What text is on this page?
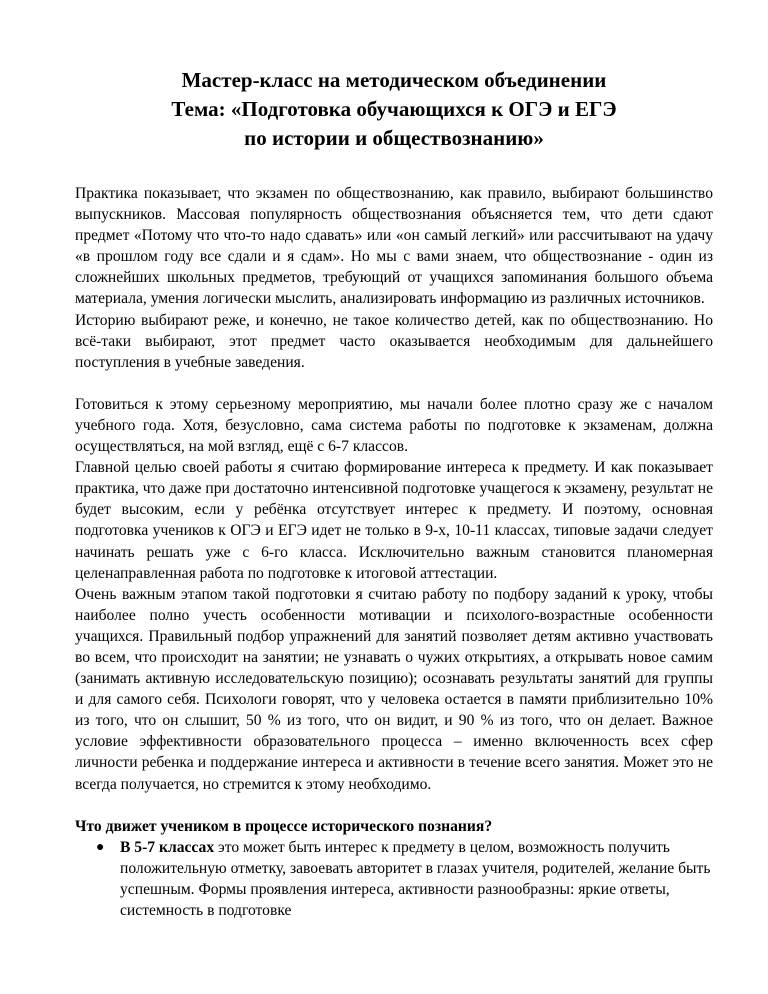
Мастер-класс на методическом объединении
Тема: «Подготовка обучающихся к ОГЭ и ЕГЭ
по истории и обществознанию»

Практика показывает, что экзамен по обществознанию, как правило, выбирают большинство выпускников. Массовая популярность обществознания объясняется тем, что дети сдают предмет «Потому что что-то надо сдавать» или «он самый легкий» или рассчитывают на удачу «в прошлом году все сдали и я сдам». Но мы с вами знаем, что обществознание - один из сложнейших школьных предметов, требующий от учащихся запоминания большого объема материала, умения логически мыслить, анализировать информацию из различных источников.

Историю выбирают реже, и конечно, не такое количество детей, как по обществознанию. Но всё-таки выбирают, этот предмет часто оказывается необходимым для дальнейшего поступления в учебные заведения.

Готовиться к этому серьезному мероприятию, мы начали более плотно сразу же с началом учебного года. Хотя, безусловно, сама система работы по подготовке к экзаменам, должна осуществляться, на мой взгляд, ещё с 6-7 классов.

Главной целью своей работы я считаю формирование интереса к предмету. И как показывает практика, что даже при достаточно интенсивной подготовке учащегося к экзамену, результат не будет высоким, если у ребёнка отсутствует интерес к предмету. И поэтому, основная подготовка учеников к ОГЭ и ЕГЭ идет не только в 9-х, 10-11 классах, типовые задачи следует начинать решать уже с 6-го класса. Исключительно важным становится планомерная целенаправленная работа по подготовке к итоговой аттестации.

Очень важным этапом такой подготовки я считаю работу по подбору заданий к уроку, чтобы наиболее полно учесть особенности мотивации и психолого-возрастные особенности учащихся. Правильный подбор упражнений для занятий позволяет детям активно участвовать во всем, что происходит на занятии; не узнавать о чужих открытиях, а открывать новое самим (занимать активную исследовательскую позицию); осознавать результаты занятий для группы и для самого себя. Психологи говорят, что у человека остается в памяти приблизительно 10% из того, что он слышит, 50 % из того, что он видит, и 90 % из того, что он делает. Важное условие эффективности образовательного процесса – именно включенность всех сфер личности ребенка и поддержание интереса и активности в течение всего занятия. Может это не всегда получается, но стремится к этому необходимо.

Что движет учеником в процессе исторического познания?

● В 5-7 классах это может быть интерес к предмету в целом, возможность получить положительную отметку, завоевать авторитет в глазах учителя, родителей, желание быть успешным. Формы проявления интереса, активности разнообразны: яркие ответы, системность в подготовке
